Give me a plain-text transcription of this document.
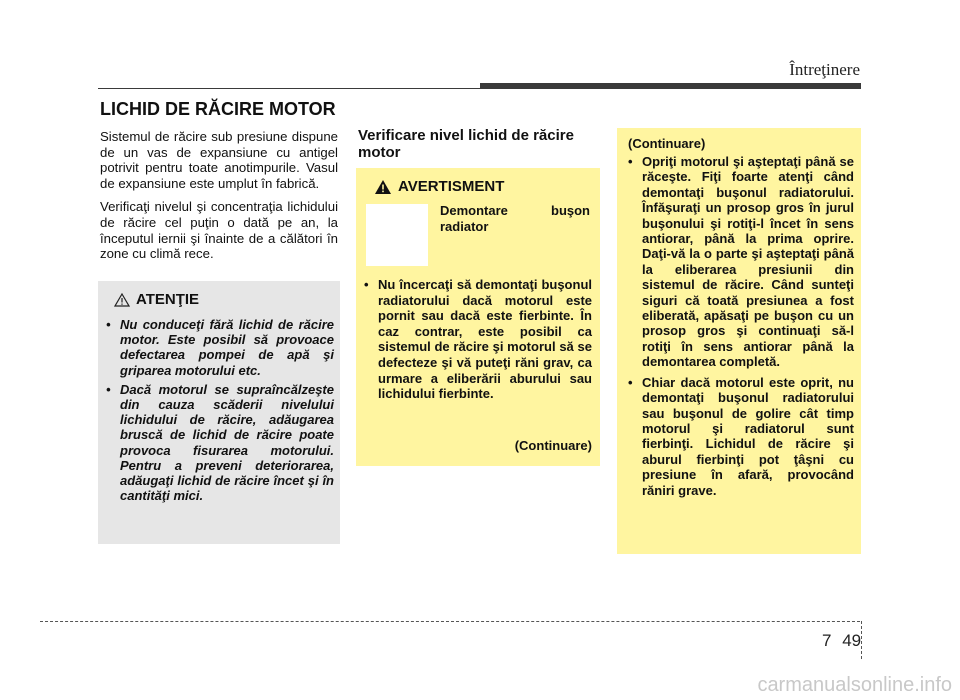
Întreţinere
LICHID DE RĂCIRE MOTOR

Sistemul de răcire sub presiune dispune de un vas de expansiune cu antigel potrivit pentru toate anotimpurile. Vasul de expansiune este umplut în fabrică.

Verificaţi nivelul şi concentraţia lichidului de răcire cel puţin o dată pe an, la începutul iernii şi înainte de a călători în zone cu climă rece.

ATENŢIE
• Nu conduceţi fără lichid de răcire motor. Este posibil să provoace defectarea pompei de apă şi griparea motorului etc.
• Dacă motorul se supraîncălzeşte din cauza scăderii nivelului lichidului de răcire, adăugarea bruscă de lichid de răcire poate provoca fisurarea motorului. Pentru a preveni deteriorarea, adăugaţi lichid de răcire încet şi în cantităţi mici.
Verificare nivel lichid de răcire motor
AVERTISMENT
Demontare buşon radiator
• Nu încercaţi să demontaţi buşonul radiatorului dacă motorul este pornit sau dacă este fierbinte. În caz contrar, este posibil ca sistemul de răcire şi motorul să se defecteze şi vă puteţi răni grav, ca urmare a eliberării aburului sau lichidului fierbinte.
(Continuare)
(Continuare)
• Opriţi motorul şi aşteptaţi până se răceşte. Fiţi foarte atenţi când demontaţi buşonul radiatorului. Înfăşuraţi un prosop gros în jurul buşonului şi rotiţi-l încet în sens antiorar, până la prima oprire. Daţi-vă la o parte şi aşteptaţi până la eliberarea presiunii din sistemul de răcire. Când sunteţi siguri că toată presiunea a fost eliberată, apăsaţi pe buşon cu un prosop gros şi continuaţi să-l rotiţi în sens antiorar până la demontarea completă.
• Chiar dacă motorul este oprit, nu demontaţi buşonul radiatorului sau buşonul de golire cât timp motorul şi radiatorul sunt fierbinţi. Lichidul de răcire şi aburul fierbinţi pot ţâşni cu presiune în afară, provocând răniri grave.
7 49
carmanualsonline.info
